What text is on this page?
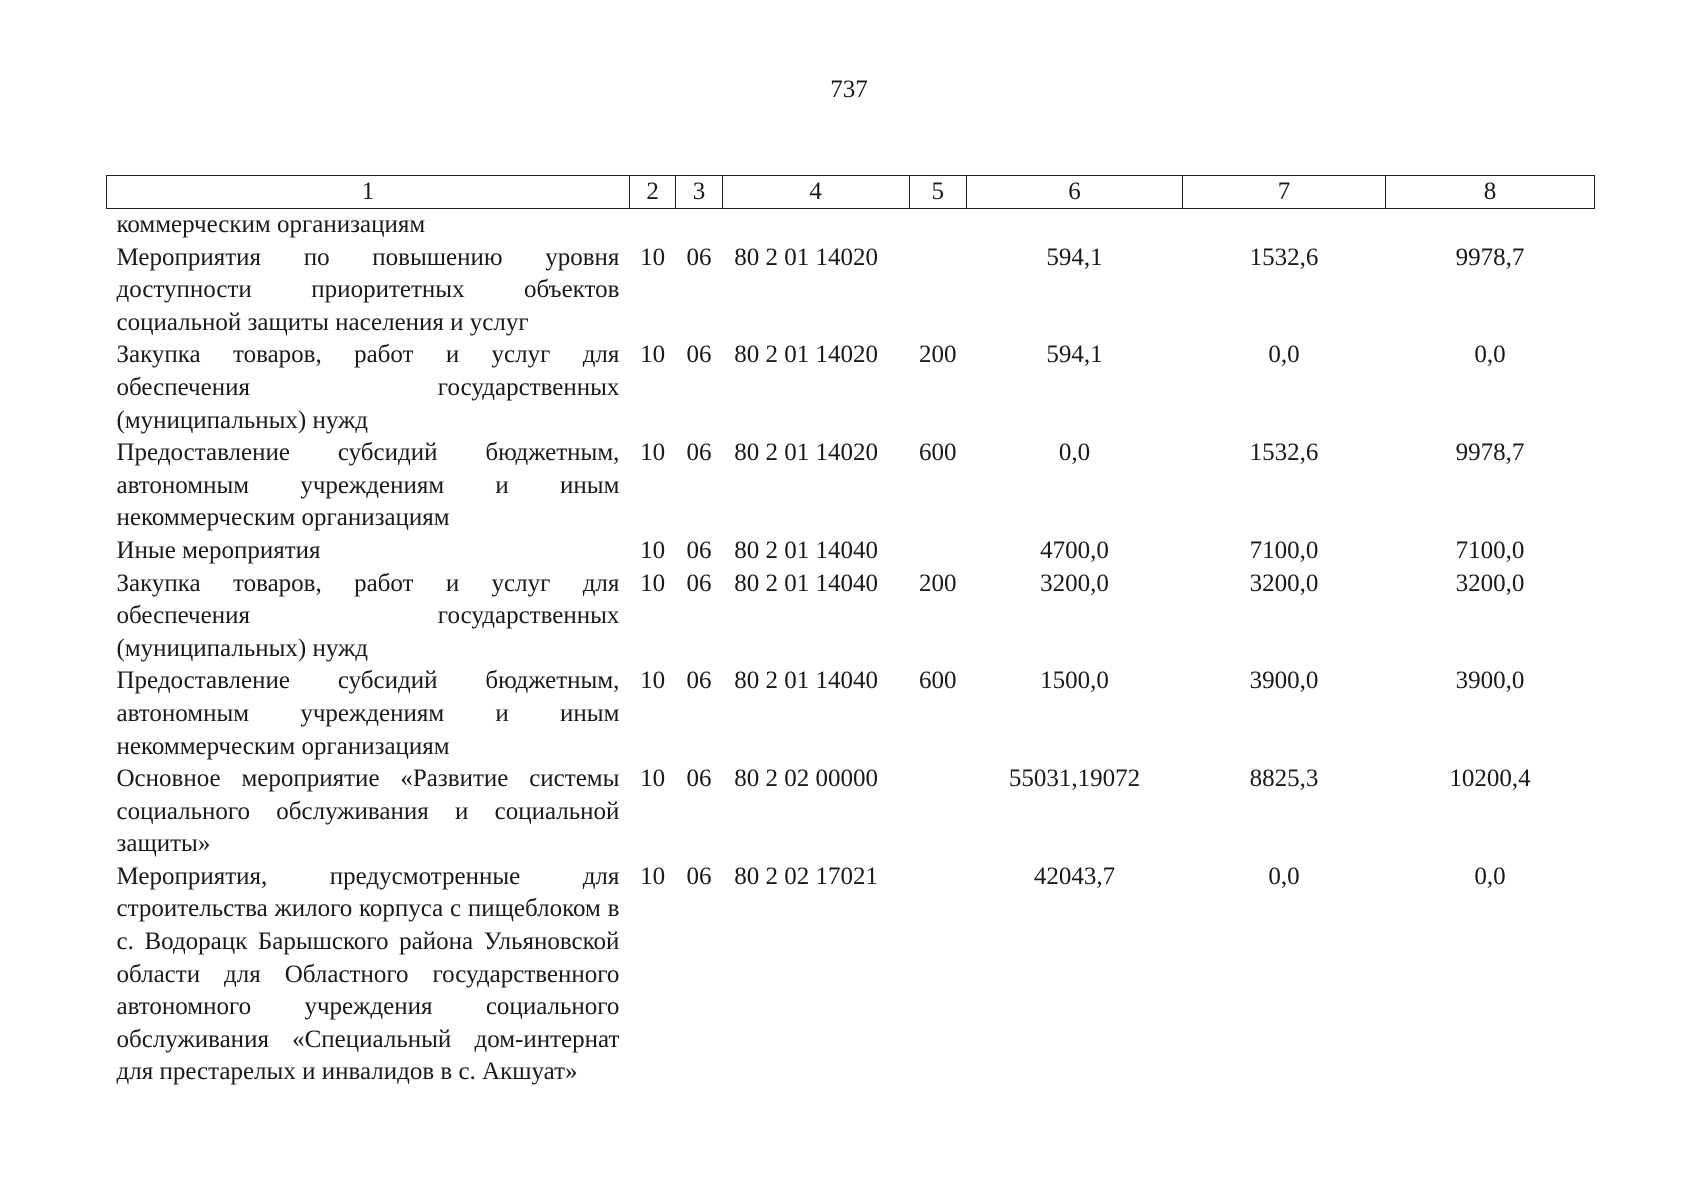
737
1	2	3	4	5	6	7	8
коммерческим организациям							
Мероприятия по повышению уровня доступности приоритетных объектов социальной защиты населения и услуг	10	06	80 2 01 14020		594,1	1532,6	9978,7
Закупка товаров, работ и услуг для обеспечения государственных (муниципальных) нужд	10	06	80 2 01 14020	200	594,1	0,0	0,0
Предоставление субсидий бюджетным, автономным учреждениям и иным некоммерческим организациям	10	06	80 2 01 14020	600	0,0	1532,6	9978,7
Иные мероприятия	10	06	80 2 01 14040		4700,0	7100,0	7100,0
Закупка товаров, работ и услуг для обеспечения государственных (муниципальных) нужд	10	06	80 2 01 14040	200	3200,0	3200,0	3200,0
Предоставление субсидий бюджетным, автономным учреждениям и иным некоммерческим организациям	10	06	80 2 01 14040	600	1500,0	3900,0	3900,0
Основное мероприятие «Развитие системы социального обслуживания и социальной защиты»	10	06	80 2 02 00000		55031,19072	8825,3	10200,4
Мероприятия, предусмотренные для строительства жилого корпуса с пищеблоком в с. Водорацк Барышского района Ульяновской области для Областного государственного автономного учреждения социального обслуживания «Специальный дом-интернат для престарелых и инвалидов в с. Акшуат»	10	06	80 2 02 17021		42043,7	0,0	0,0
